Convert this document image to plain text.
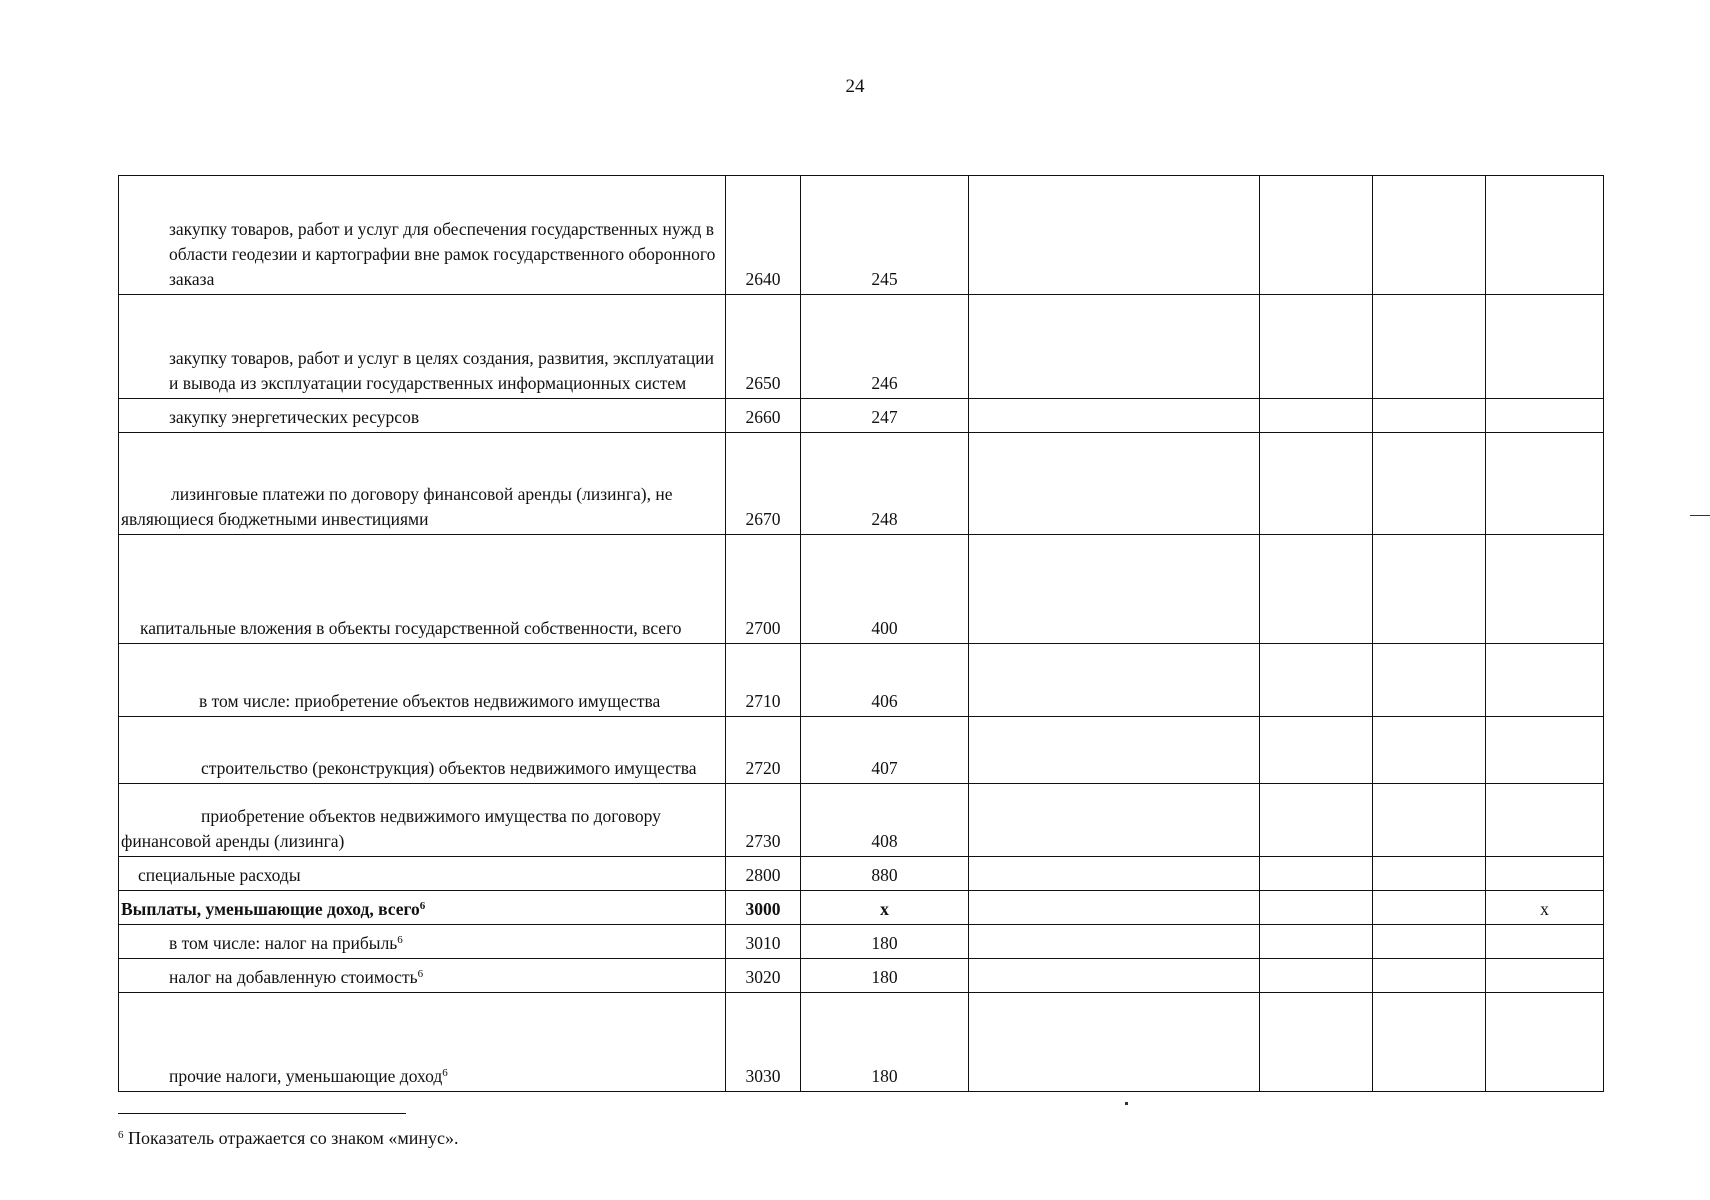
24
закупку товаров, работ и услуг для обеспечения государственных нужд в области геодезии и картографии вне рамок государственного оборонного заказа	2640	245				
закупку товаров, работ и услуг в целях создания, развития, эксплуатации и вывода из эксплуатации государственных информационных систем	2650	246				
закупку энергетических ресурсов	2660	247				
лизинговые платежи по договору финансовой аренды (лизинга), не являющиеся бюджетными инвестициями	2670	248				
капитальные вложения в объекты государственной собственности, всего	2700	400				
в том числе: приобретение объектов недвижимого имущества	2710	406				
строительство (реконструкция) объектов недвижимого имущества	2720	407				
приобретение объектов недвижимого имущества по договору финансовой аренды (лизинга)	2730	408				
специальные расходы	2800	880				
Выплаты, уменьшающие доход, всего$^6$	3000	x				x
в том числе: налог на прибыль$^6$	3010	180				
налог на добавленную стоимость$^6$	3020	180				
прочие налоги, уменьшающие доход$^6$	3030	180				
$^6$ Показатель отражается со знаком «минус».
